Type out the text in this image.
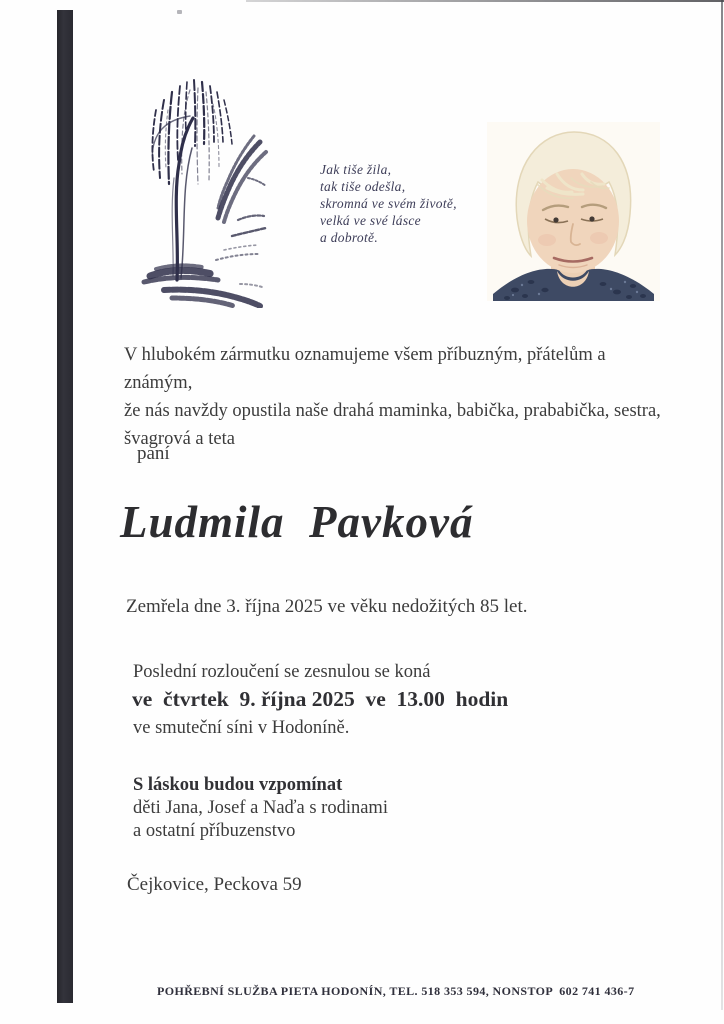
Jak tiše žila,
tak tiše odešla,
skromná ve svém životě,
velká ve své lásce
a dobrotě.
V hlubokém zármutku oznamujeme všem příbuzným, přátelům a známým,
že nás navždy opustila naše drahá maminka, babička, prababička, sestra,
švagrová a teta
paní
Ludmila  Pavková
Zemřela dne 3. října 2025 ve věku nedožitých 85 let.
Poslední rozloučení se zesnulou se koná
ve  čtvrtek  9. října 2025  ve  13.00  hodin
ve smuteční síni v Hodoníně.
S láskou budou vzpomínat
děti Jana, Josef a Naďa s rodinami
a ostatní příbuzenstvo
Čejkovice, Peckova 59
POHŘEBNÍ SLUŽBA PIETA HODONÍN, TEL. 518 353 594, NONSTOP  602 741 436-7
